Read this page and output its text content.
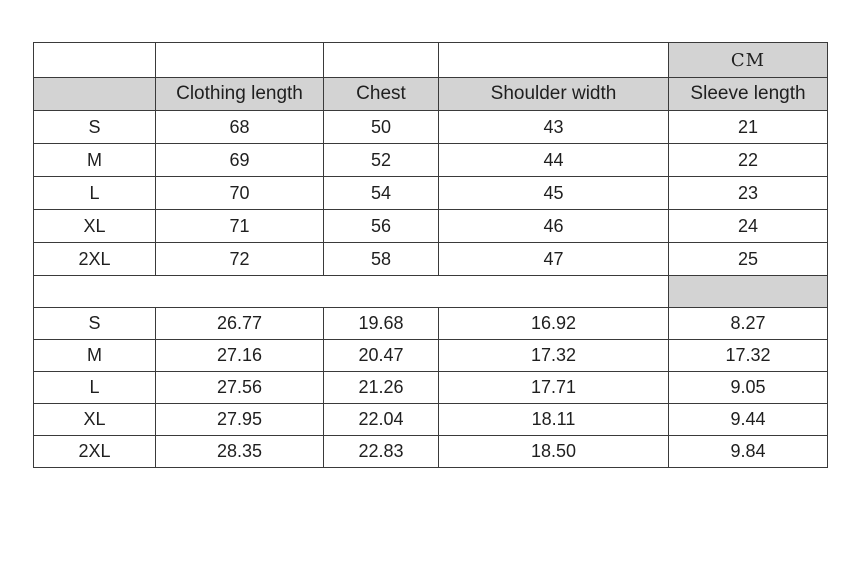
				CM
	Clothing length	Chest	Shoulder width	Sleeve length
S	68	50	43	21
M	69	52	44	22
L	70	54	45	23
XL	71	56	46	24
2XL	72	58	47	25

S	26.77	19.68	16.92	8.27
M	27.16	20.47	17.32	17.32
L	27.56	21.26	17.71	9.05
XL	27.95	22.04	18.11	9.44
2XL	28.35	22.83	18.50	9.84
